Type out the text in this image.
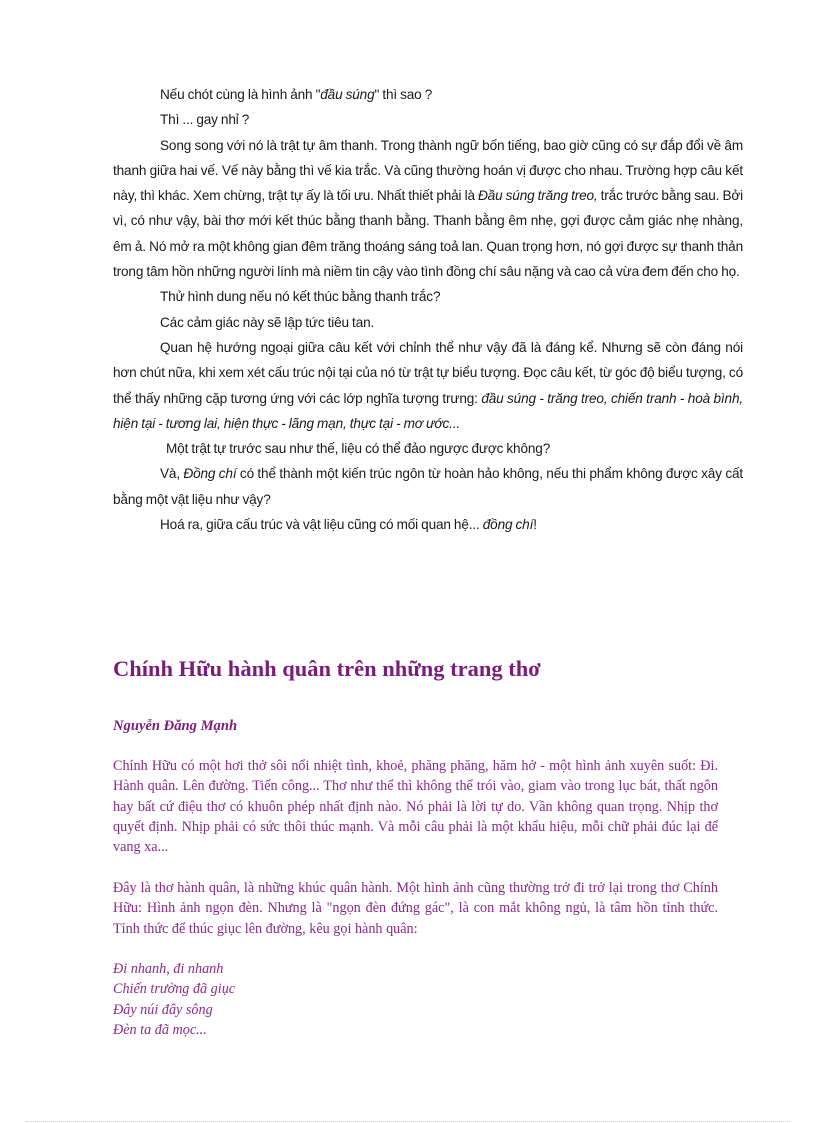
Nếu chót cùng là hình ảnh "đầu súng" thì sao ?

Thì ... gay nhỉ ?

Song song với nó là trật tự âm thanh. Trong thành ngữ bốn tiếng, bao giờ cũng có sự đắp đổi về âm thanh giữa hai vế. Vế này bằng thì vế kia trắc. Và cũng thường hoán vị được cho nhau. Trường hợp câu kết này, thì khác. Xem chừng, trật tự ấy là tối ưu. Nhất thiết phải là Đầu súng trăng treo, trắc trước bằng sau. Bởi vì, có như vậy, bài thơ mới kết thúc bằng thanh bằng. Thanh bằng êm nhẹ, gợi được cảm giác nhẹ nhàng, êm ả. Nó mở ra một không gian đêm trăng thoáng sáng toả lan. Quan trọng hơn, nó gợi được sự thanh thản trong tâm hồn những người lính mà niềm tin cậy vào tình đồng chí sâu nặng và cao cả vừa đem đến cho họ.

Thử hình dung nếu nó kết thúc bằng thanh trắc?

Các cảm giác này sẽ lập tức tiêu tan.

Quan hệ hướng ngoại giữa câu kết với chỉnh thể như vậy đã là đáng kể. Nhưng sẽ còn đáng nói hơn chút nữa, khi xem xét cấu trúc nội tại của nó từ trật tự biểu tượng. Đọc câu kết, từ góc độ biểu tượng, có thể thấy những cặp tương ứng với các lớp nghĩa tượng trưng: đầu súng - trăng treo, chiến tranh - hoà bình, hiện tại - tương lai, hiện thực - lãng mạn, thực tại - mơ ước...

Một trật tự trước sau như thế, liệu có thể đảo ngược được không?

Và, Đồng chí có thể thành một kiến trúc ngôn từ hoàn hảo không, nếu thi phẩm không được xây cất bằng một vật liệu như vậy?

Hoá ra, giữa cấu trúc và vật liệu cũng có mối quan hệ... đồng chí!

Chính Hữu hành quân trên những trang thơ

Nguyễn Đăng Mạnh

Chính Hữu có một hơi thở sôi nổi nhiệt tình, khoẻ, phăng phăng, hăm hở - một hình ảnh xuyên suốt: Đi. Hành quân. Lên đường. Tiến công... Thơ như thế thì không thể trói vào, giam vào trong lục bát, thất ngôn hay bất cứ điệu thơ có khuôn phép nhất định nào. Nó phải là lời tự do. Vần không quan trọng. Nhịp thơ quyết định. Nhịp phải có sức thôi thúc mạnh. Và mỗi câu phải là một khẩu hiệu, mỗi chữ phải đúc lại để vang xa...

Đây là thơ hành quân, là những khúc quân hành. Một hình ảnh cũng thường trở đi trở lại trong thơ Chính Hữu: Hình ảnh ngọn đèn. Nhưng là "ngọn đèn đứng gác", là con mắt không ngủ, là tâm hồn tỉnh thức. Tỉnh thức để thúc giục lên đường, kêu gọi hành quân:

Đi nhanh, đi nhanh
Chiến trường đã giục
Đây núi đây sông
Đèn ta đã mọc...
